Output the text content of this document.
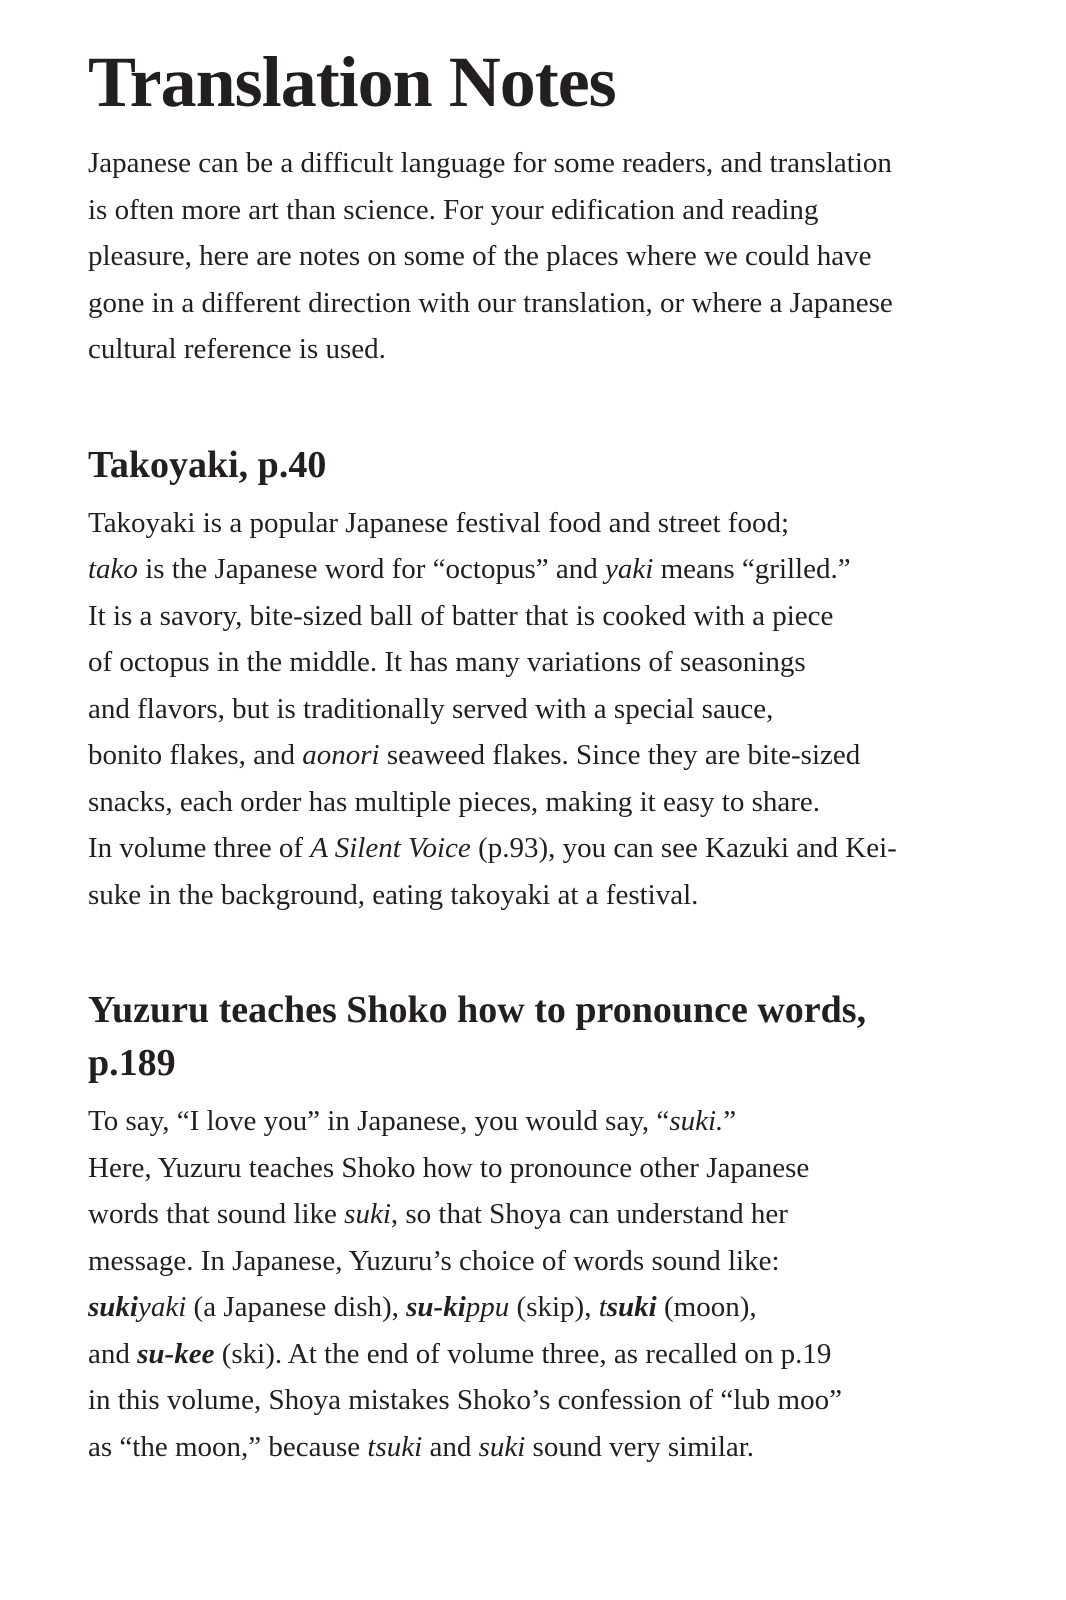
Translation Notes
Japanese can be a difficult language for some readers, and translation
is often more art than science. For your edification and reading
pleasure, here are notes on some of the places where we could have
gone in a different direction with our translation, or where a Japanese
cultural reference is used.
Takoyaki, p.40
Takoyaki is a popular Japanese festival food and street food;
tako is the Japanese word for “octopus” and yaki means “grilled.”
It is a savory, bite-sized ball of batter that is cooked with a piece
of octopus in the middle. It has many variations of seasonings
and flavors, but is traditionally served with a special sauce,
bonito flakes, and aonori seaweed flakes. Since they are bite-sized
snacks, each order has multiple pieces, making it easy to share.
In volume three of A Silent Voice (p.93), you can see Kazuki and Kei-
suke in the background, eating takoyaki at a festival.
Yuzuru teaches Shoko how to pronounce words,
p.189
To say, “I love you” in Japanese, you would say, “suki.”
Here, Yuzuru teaches Shoko how to pronounce other Japanese
words that sound like suki, so that Shoya can understand her
message. In Japanese, Yuzuru’s choice of words sound like:
sukiyaki (a Japanese dish), su-kippu (skip), tsuki (moon),
and su-kee (ski). At the end of volume three, as recalled on p.19
in this volume, Shoya mistakes Shoko’s confession of “lub moo”
as “the moon,” because tsuki and suki sound very similar.
